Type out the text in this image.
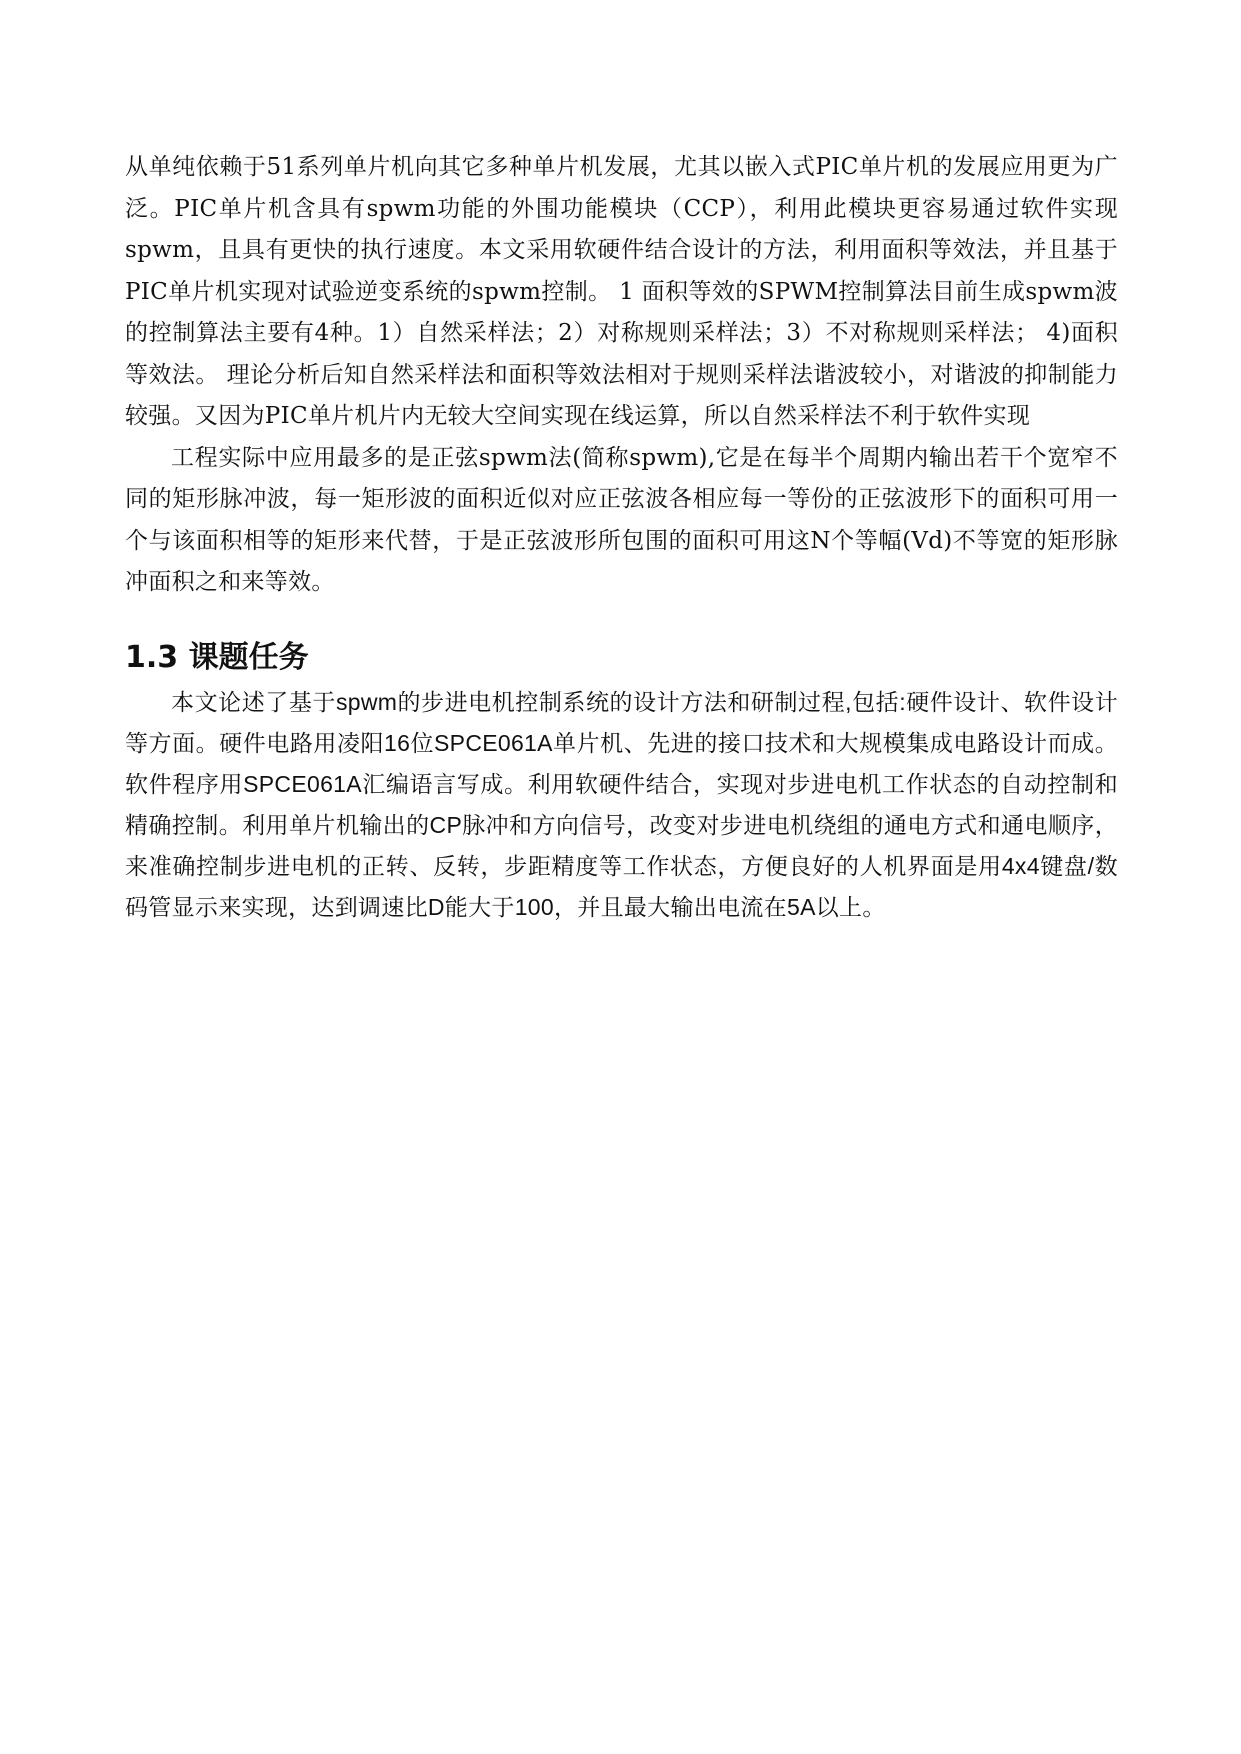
从单纯依赖于51系列单片机向其它多种单片机发展，尤其以嵌入式PIC单片机的发展应用更为广泛。PIC单片机含具有spwm功能的外围功能模块（CCP），利用此模块更容易通过软件实现spwm，且具有更快的执行速度。本文采用软硬件结合设计的方法，利用面积等效法，并且基于PIC单片机实现对试验逆变系统的spwm控制。 1 面积等效的SPWM控制算法目前生成spwm波的控制算法主要有4种。1）自然采样法；2）对称规则采样法；3）不对称规则采样法； 4)面积等效法。 理论分析后知自然采样法和面积等效法相对于规则采样法谐波较小，对谐波的抑制能力较强。又因为PIC单片机片内无较大空间实现在线运算，所以自然采样法不利于软件实现

工程实际中应用最多的是正弦spwm法(简称spwm),它是在每半个周期内输出若干个宽窄不同的矩形脉冲波，每一矩形波的面积近似对应正弦波各相应每一等份的正弦波形下的面积可用一个与该面积相等的矩形来代替，于是正弦波形所包围的面积可用这N个等幅(Vd)不等宽的矩形脉冲面积之和来等效。

1.3 课题任务

本文论述了基于spwm的步进电机控制系统的设计方法和研制过程,包括:硬件设计、软件设计等方面。硬件电路用凌阳16位SPCE061A单片机、先进的接口技术和大规模集成电路设计而成。软件程序用SPCE061A汇编语言写成。利用软硬件结合，实现对步进电机工作状态的自动控制和精确控制。利用单片机输出的CP脉冲和方向信号，改变对步进电机绕组的通电方式和通电顺序，来准确控制步进电机的正转、反转，步距精度等工作状态，方便良好的人机界面是用4x4键盘/数码管显示来实现，达到调速比D能大于100，并且最大输出电流在5A以上。
